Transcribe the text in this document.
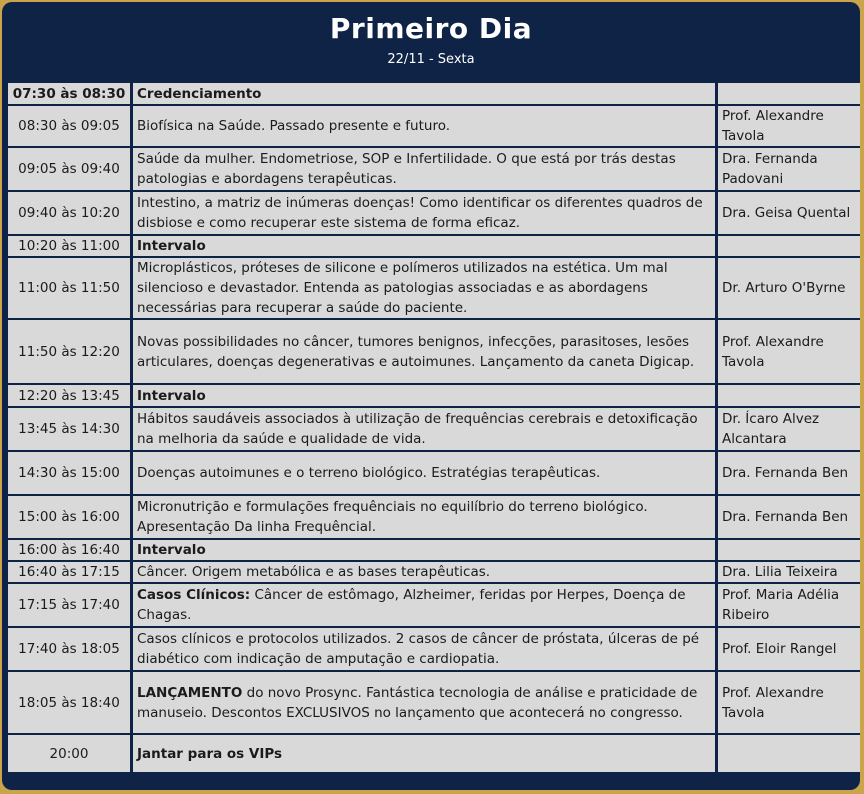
Primeiro Dia
22/11 - Sexta
07:30 às 08:30	Credenciamento	
08:30 às 09:05	Biofísica na Saúde. Passado presente e futuro.	Prof. Alexandre Tavola
09:05 às 09:40	Saúde da mulher. Endometriose, SOP e Infertilidade. O que está por trás destas patologias e abordagens terapêuticas.	Dra. Fernanda Padovani
09:40 às 10:20	Intestino, a matriz de inúmeras doenças! Como identificar os diferentes quadros de disbiose e como recuperar este sistema de forma eficaz.	Dra. Geisa Quental
10:20 às 11:00	Intervalo	
11:00 às 11:50	Microplásticos, próteses de silicone e polímeros utilizados na estética. Um mal silencioso e devastador. Entenda as patologias associadas e as abordagens necessárias para recuperar a saúde do paciente.	Dr. Arturo O'Byrne
11:50 às 12:20	Novas possibilidades no câncer, tumores benignos, infecções, parasitoses, lesões articulares, doenças degenerativas e autoimunes. Lançamento da caneta Digicap.	Prof. Alexandre Tavola
12:20 às 13:45	Intervalo	
13:45 às 14:30	Hábitos saudáveis associados à utilização de frequências cerebrais e detoxificação na melhoria da saúde e qualidade de vida.	Dr. Ícaro Alvez Alcantara
14:30 às 15:00	Doenças autoimunes e o terreno biológico. Estratégias terapêuticas.	Dra. Fernanda Ben
15:00 às 16:00	Micronutrição e formulações frequênciais no equilíbrio do terreno biológico. Apresentação Da linha Frequêncial.	Dra. Fernanda Ben
16:00 às 16:40	Intervalo	
16:40 às 17:15	Câncer. Origem metabólica e as bases terapêuticas.	Dra. Lilia Teixeira
17:15 às 17:40	Casos Clínicos: Câncer de estômago, Alzheimer, feridas por Herpes, Doença de Chagas.	Prof. Maria Adélia Ribeiro
17:40 às 18:05	Casos clínicos e protocolos utilizados. 2 casos de câncer de próstata, úlceras de pé diabético com indicação de amputação e cardiopatia.	Prof. Eloir Rangel
18:05 às 18:40	LANÇAMENTO do novo Prosync. Fantástica tecnologia de análise e praticidade de manuseio. Descontos EXCLUSIVOS no lançamento que acontecerá no congresso.	Prof. Alexandre Tavola
20:00	Jantar para os VIPs	
